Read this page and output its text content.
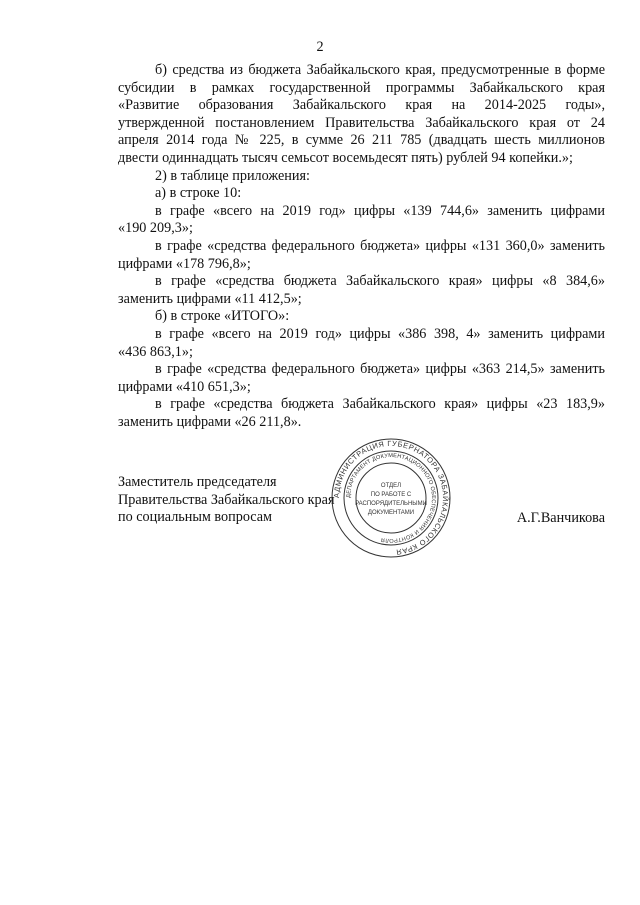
2

б) средства из бюджета Забайкальского края, предусмотренные в форме
субсидии в рамках государственной программы Забайкальского края
«Развитие образования Забайкальского края на 2014-2025 годы»,
утвержденной постановлением Правительства Забайкальского края от 24
апреля 2014 года № 225, в сумме 26 211 785 (двадцать шесть миллионов
двести одиннадцать тысяч семьсот восемьдесят пять) рублей 94 копейки.»;

2) в таблице приложения:

а) в строке 10:

в графе «всего на 2019 год» цифры «139 744,6» заменить цифрами
«190 209,3»;

в графе «средства федерального бюджета» цифры «131 360,0» заменить
цифрами «178 796,8»;

в графе «средства бюджета Забайкальского края» цифры «8 384,6»
заменить цифрами «11 412,5»;

б) в строке «ИТОГО»:

в графе «всего на 2019 год» цифры «386 398, 4» заменить цифрами
«436 863,1»;

в графе «средства федерального бюджета» цифры «363 214,5» заменить
цифрами «410 651,3»;

в графе «средства бюджета Забайкальского края» цифры «23 183,9»
заменить цифрами «26 211,8».

Заместитель председателя
Правительства Забайкальского края
по социальным вопросам	А.Г.Ванчикова
АДМИНИСТРАЦИЯ ГУБЕРНАТОРА ЗАБАЙКАЛЬСКОГО КРАЯ
ДЕПАРТАМЕНТ ДОКУМЕНТАЦИОННОГО ОБЕСПЕЧЕНИЯ И КОНТРОЛЯ
ОТДЕЛ
ПО РАБОТЕ С
РАСПОРЯДИТЕЛЬНЫМИ
ДОКУМЕНТАМИ
